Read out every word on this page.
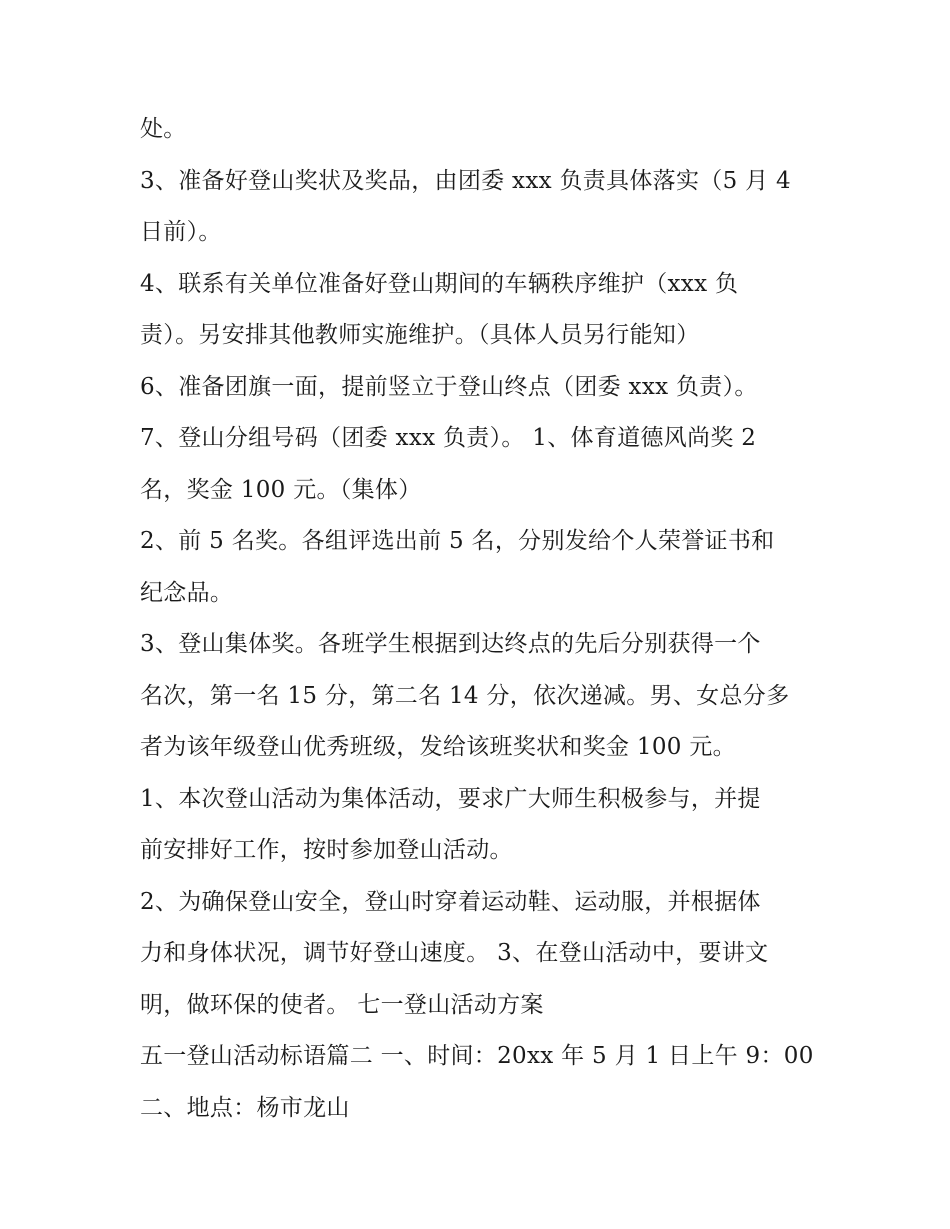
处。
3、准备好登山奖状及奖品，由团委 xxx 负责具体落实（5 月 4
日前）。
4、联系有关单位准备好登山期间的车辆秩序维护（xxx 负
责）。另安排其他教师实施维护。（具体人员另行能知）
6、准备团旗一面，提前竖立于登山终点（团委 xxx 负责）。
7、登山分组号码（团委 xxx 负责）。 1、体育道德风尚奖 2
名，奖金 100 元。（集体）
2、前 5 名奖。各组评选出前 5 名，分别发给个人荣誉证书和
纪念品。
3、登山集体奖。各班学生根据到达终点的先后分别获得一个
名次，第一名 15 分，第二名 14 分，依次递减。男、女总分多
者为该年级登山优秀班级，发给该班奖状和奖金 100 元。
1、本次登山活动为集体活动，要求广大师生积极参与，并提
前安排好工作，按时参加登山活动。
2、为确保登山安全，登山时穿着运动鞋、运动服，并根据体
力和身体状况，调节好登山速度。 3、在登山活动中，要讲文
明，做环保的使者。 七一登山活动方案
五一登山活动标语篇二 一、时间：20xx 年 5 月 1 日上午 9：00
二、地点：杨市龙山
